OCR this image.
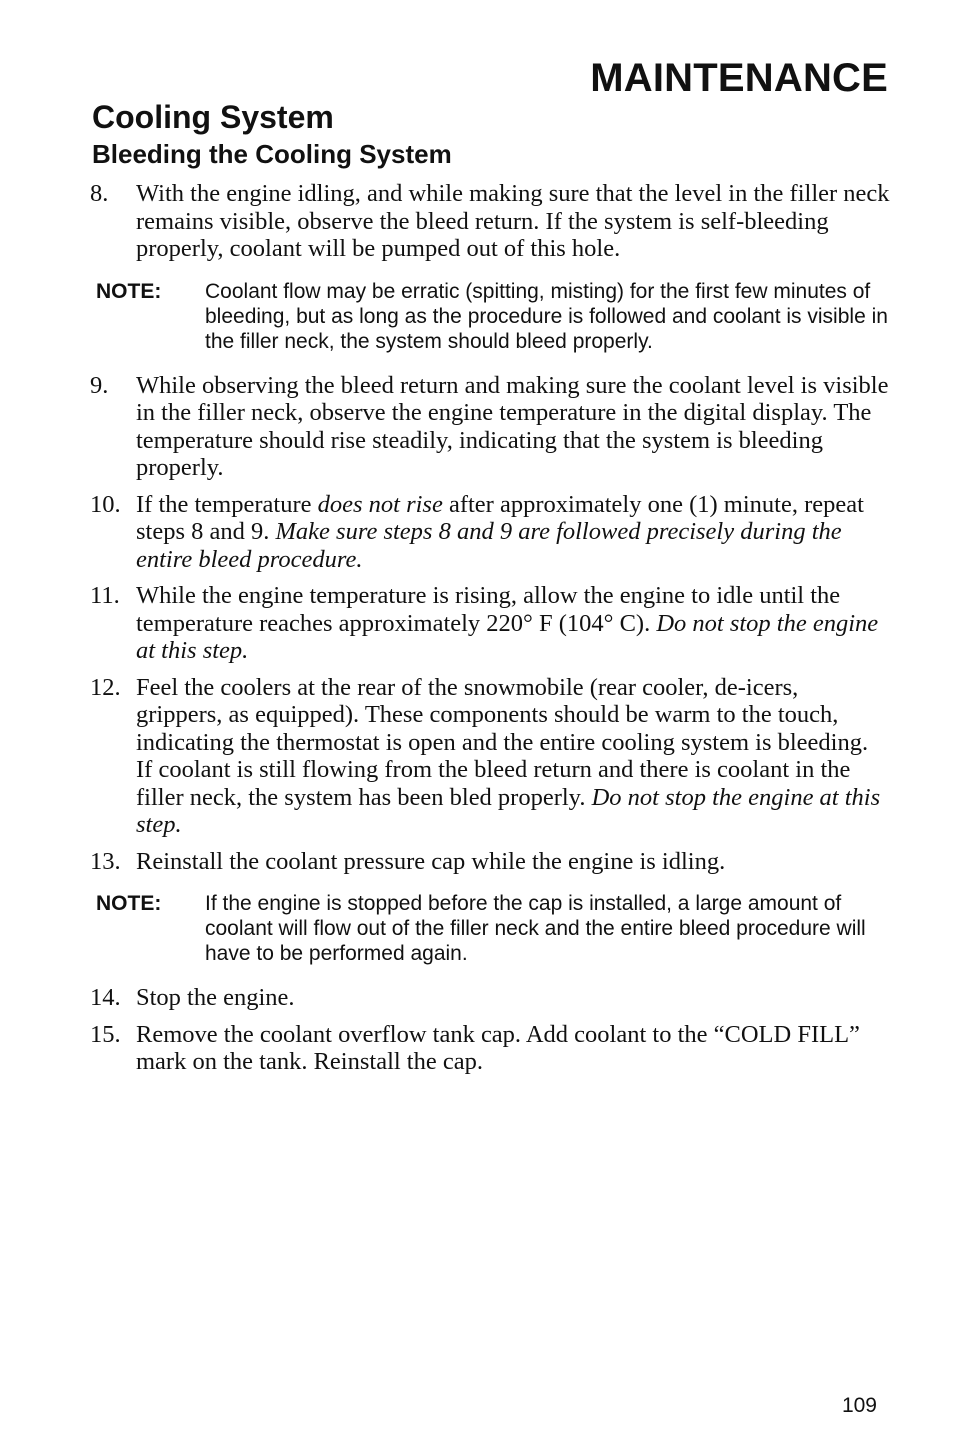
MAINTENANCE
Cooling System
Bleeding the Cooling System
8.	With the engine idling, and while making sure that the level in the filler neck remains visible, observe the bleed return. If the system is self-bleeding properly, coolant will be pumped out of this hole.
NOTE:	Coolant flow may be erratic (spitting, misting) for the first few minutes of bleeding, but as long as the procedure is followed and coolant is visible in the filler neck, the system should bleed properly.
9.	While observing the bleed return and making sure the coolant level is visible in the filler neck, observe the engine temperature in the digital display. The temperature should rise steadily, indicating that the system is bleeding properly.
10. If the temperature does not rise after approximately one (1) minute, repeat steps 8 and 9. Make sure steps 8 and 9 are followed precisely during the entire bleed procedure.
11. While the engine temperature is rising, allow the engine to idle until the temperature reaches approximately 220° F (104° C). Do not stop the engine at this step.
12. Feel the coolers at the rear of the snowmobile (rear cooler, de-icers, grippers, as equipped). These components should be warm to the touch, indicating the thermostat is open and the entire cooling system is bleeding. If coolant is still flowing from the bleed return and there is coolant in the filler neck, the system has been bled properly. Do not stop the engine at this step.
13. Reinstall the coolant pressure cap while the engine is idling.
NOTE:	If the engine is stopped before the cap is installed, a large amount of coolant will flow out of the filler neck and the entire bleed procedure will have to be performed again.
14. Stop the engine.
15. Remove the coolant overflow tank cap. Add coolant to the “COLD FILL” mark on the tank. Reinstall the cap.
109
